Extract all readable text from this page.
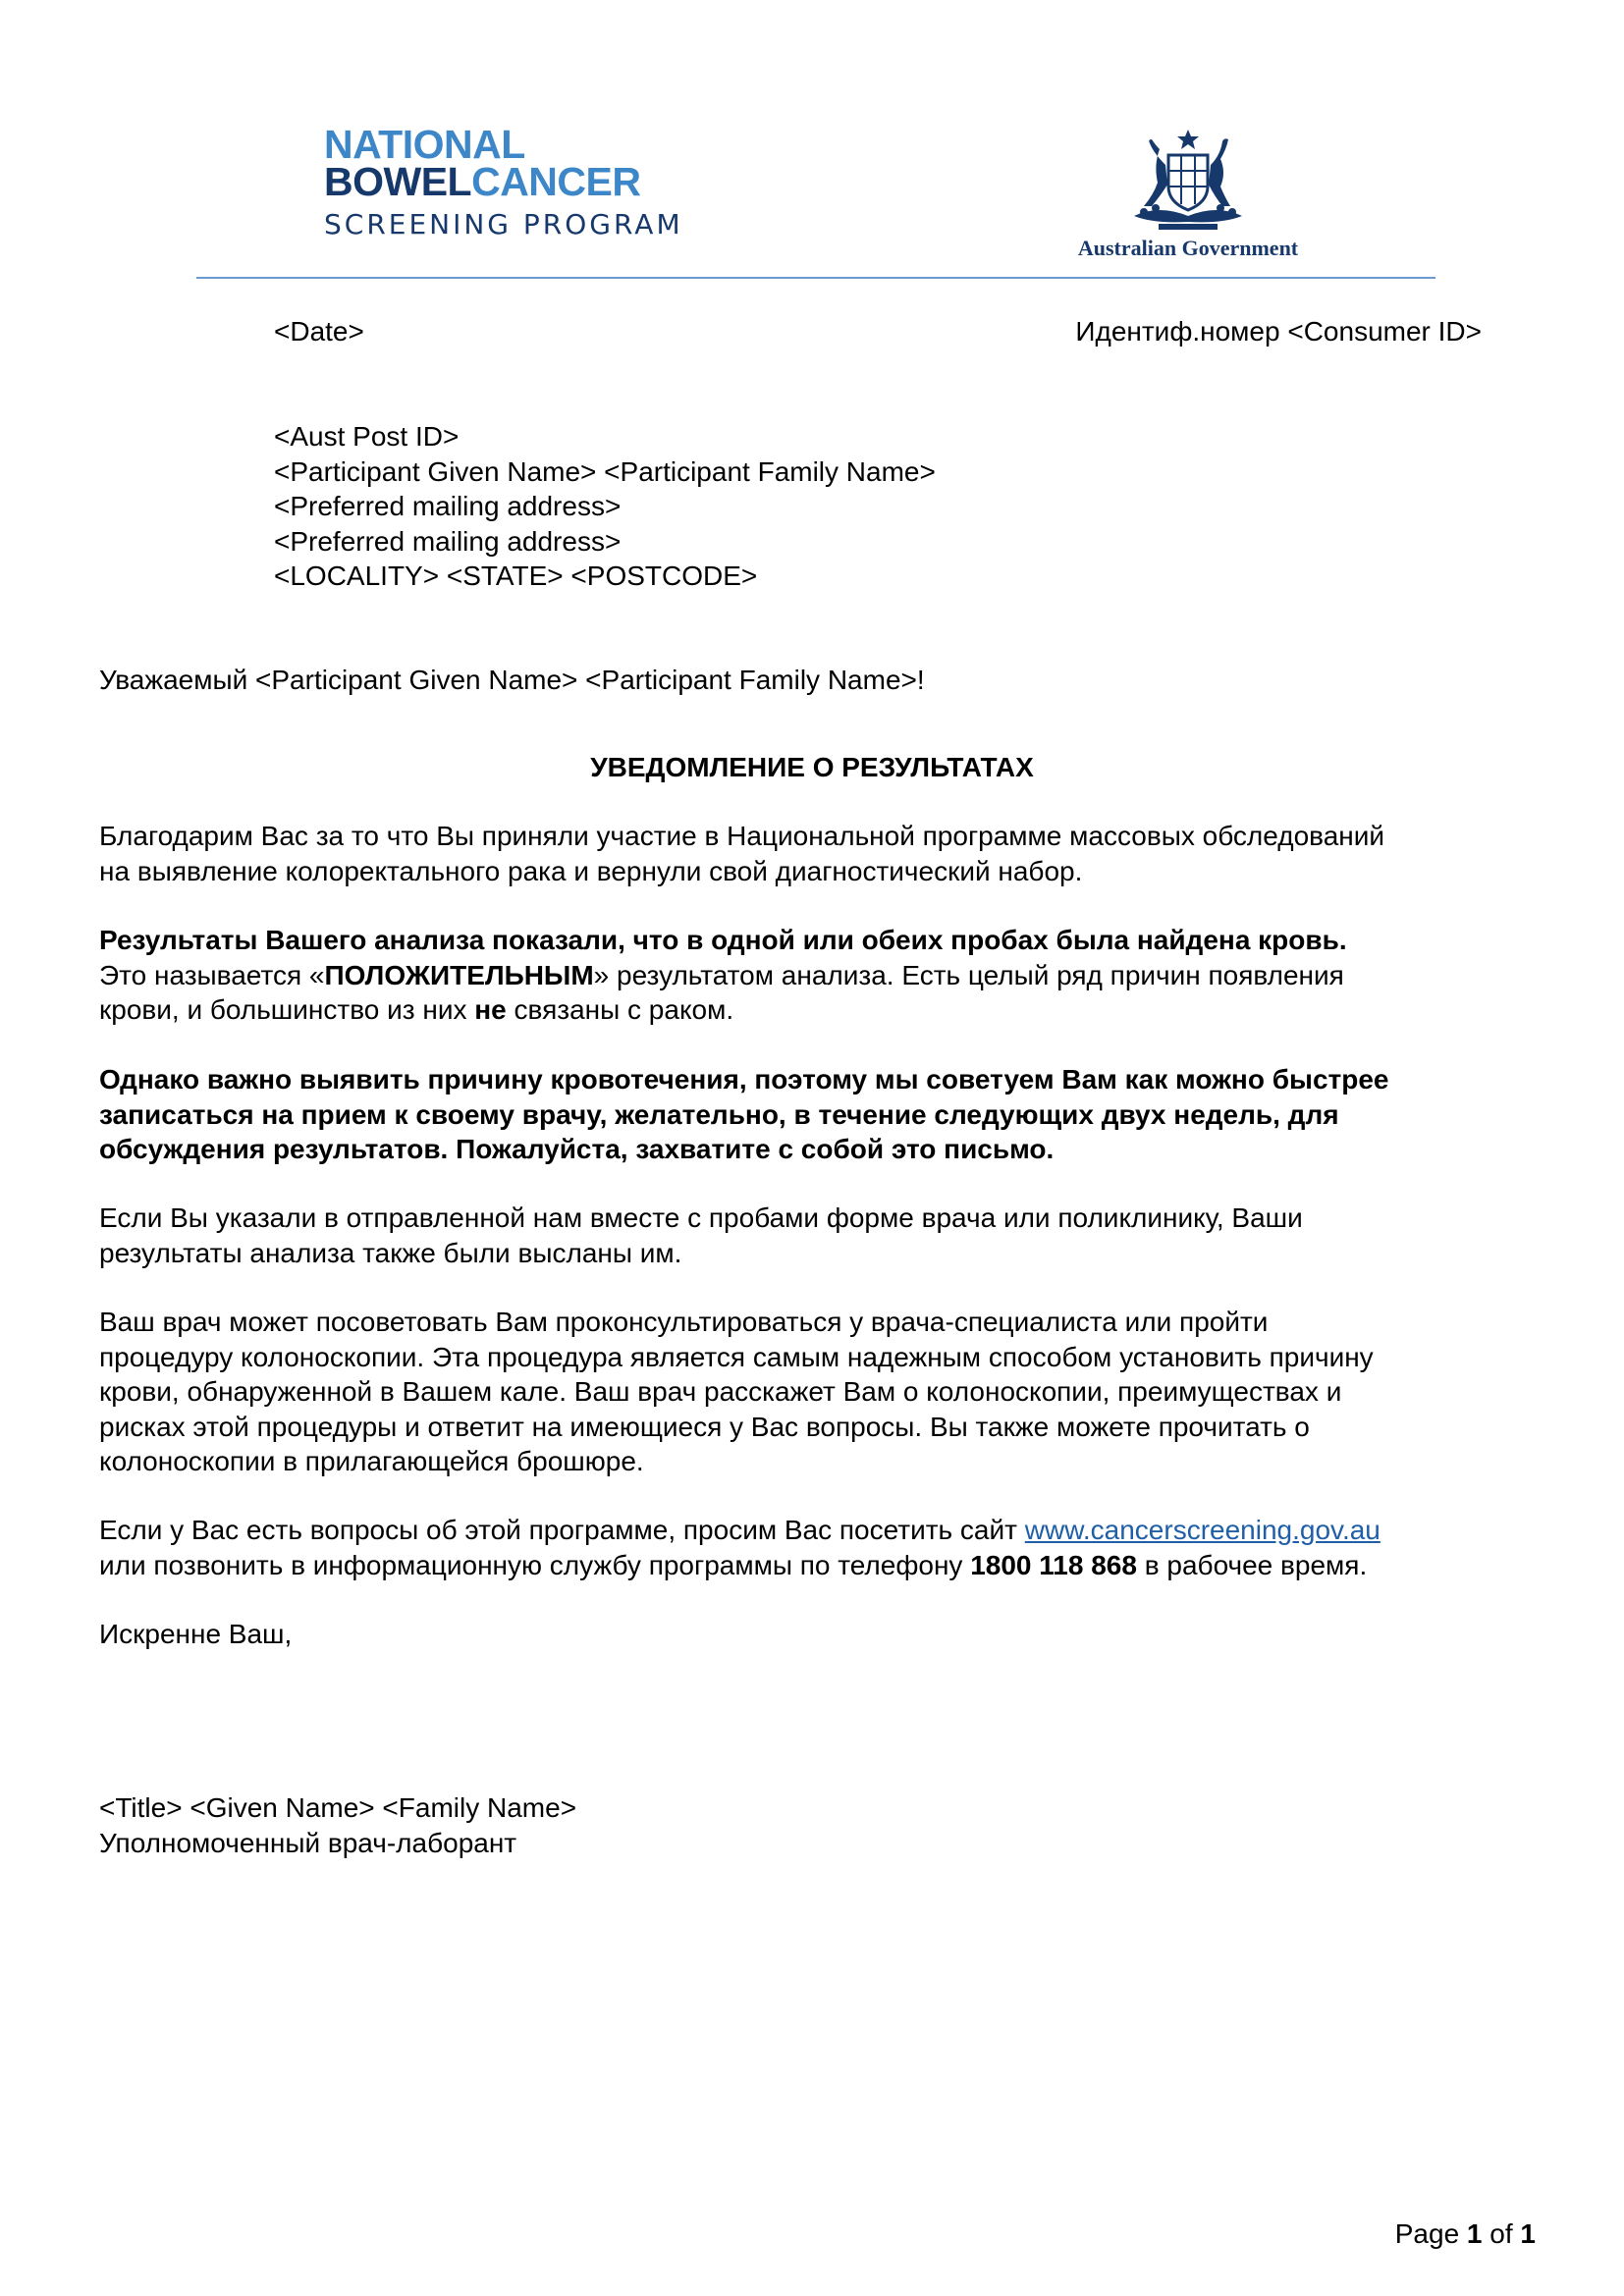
NATIONAL
BOWELCANCER
SCREENING PROGRAM
Australian Government
<Date>	Идентиф.номер <Consumer ID>
<Aust Post ID>
<Participant Given Name> <Participant Family Name>
<Preferred mailing address>
<Preferred mailing address>
<LOCALITY> <STATE> <POSTCODE>
Уважаемый <Participant Given Name> <Participant Family Name>!
УВЕДОМЛЕНИЕ О РЕЗУЛЬТАТАХ
Благодарим Вас за то что Вы приняли участие в Национальной программе массовых обследований
на выявление колоректального рака и вернули свой диагностический набор.
Результаты Вашего анализа показали, что в одной или обеих пробах была найдена кровь.
Это называется «ПОЛОЖИТЕЛЬНЫМ» результатом анализа. Есть целый ряд причин появления
крови, и большинство из них не связаны с раком.
Однако важно выявить причину кровотечения, поэтому мы советуем Вам как можно быстрее
записаться на прием к своему врачу, желательно, в течение следующих двух недель, для
обсуждения результатов. Пожалуйста, захватите с собой это письмо.
Если Вы указали в отправленной нам вместе с пробами форме врача или поликлинику, Ваши
результаты анализа также были высланы им.
Ваш врач может посоветовать Вам проконсультироваться у врача-специалиста или пройти
процедуру колоноскопии. Эта процедура является самым надежным способом установить причину
крови, обнаруженной в Вашем кале. Ваш врач расскажет Вам о колоноскопии, преимуществах и
рисках этой процедуры и ответит на имеющиеся у Вас вопросы. Вы также можете прочитать о
колоноскопии в прилагающейся брошюре.
Если у Вас есть вопросы об этой программе, просим Вас посетить сайт www.cancerscreening.gov.au
или позвонить в информационную службу программы по телефону 1800 118 868 в рабочее время.
Искренне Ваш,
<Title> <Given Name> <Family Name>
Уполномоченный врач-лаборант
Page 1 of 1
